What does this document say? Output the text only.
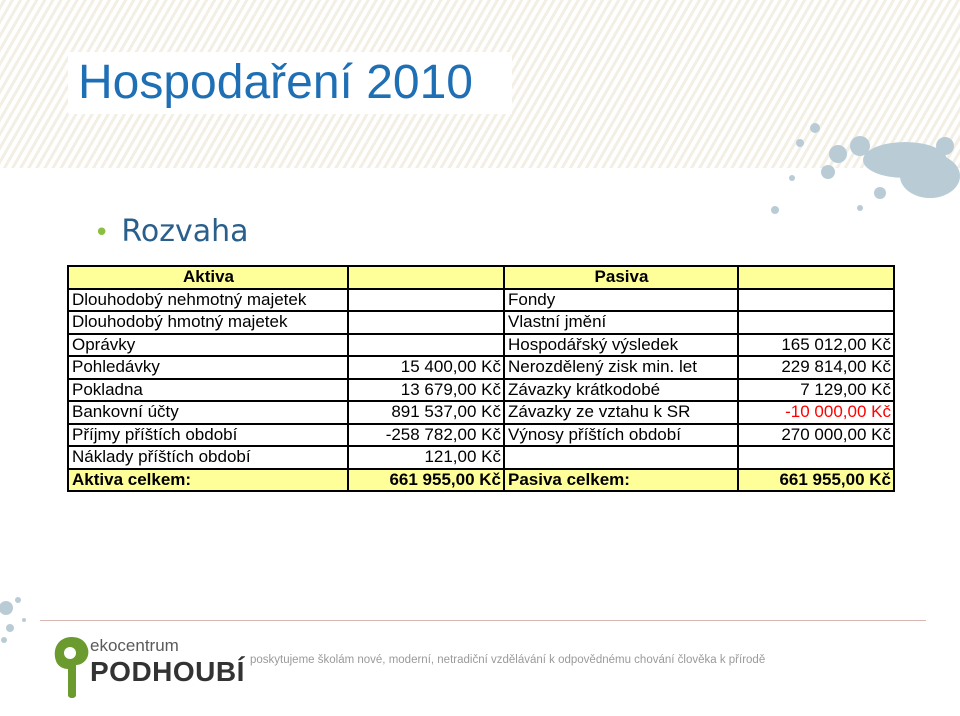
Hospodaření 2010
• Rozvaha
Aktiva		Pasiva	
Dlouhodobý nehmotný majetek		Fondy	
Dlouhodobý hmotný majetek		Vlastní jmění	
Oprávky		Hospodářský výsledek	165 012,00 Kč
Pohledávky	15 400,00 Kč	Nerozdělený zisk min. let	229 814,00 Kč
Pokladna	13 679,00 Kč	Závazky krátkodobé	7 129,00 Kč
Bankovní účty	891 537,00 Kč	Závazky ze vztahu k SR	-10 000,00 Kč
Příjmy příštích období	-258 782,00 Kč	Výnosy příštích období	270 000,00 Kč
Náklady příštích období	121,00 Kč		
Aktiva celkem:	661 955,00 Kč	Pasiva celkem:	661 955,00 Kč
ekocentrum
PODHOUBÍ poskytujeme školám nové, moderní, netradiční vzdělávání k odpovědnému chování člověka k přírodě
